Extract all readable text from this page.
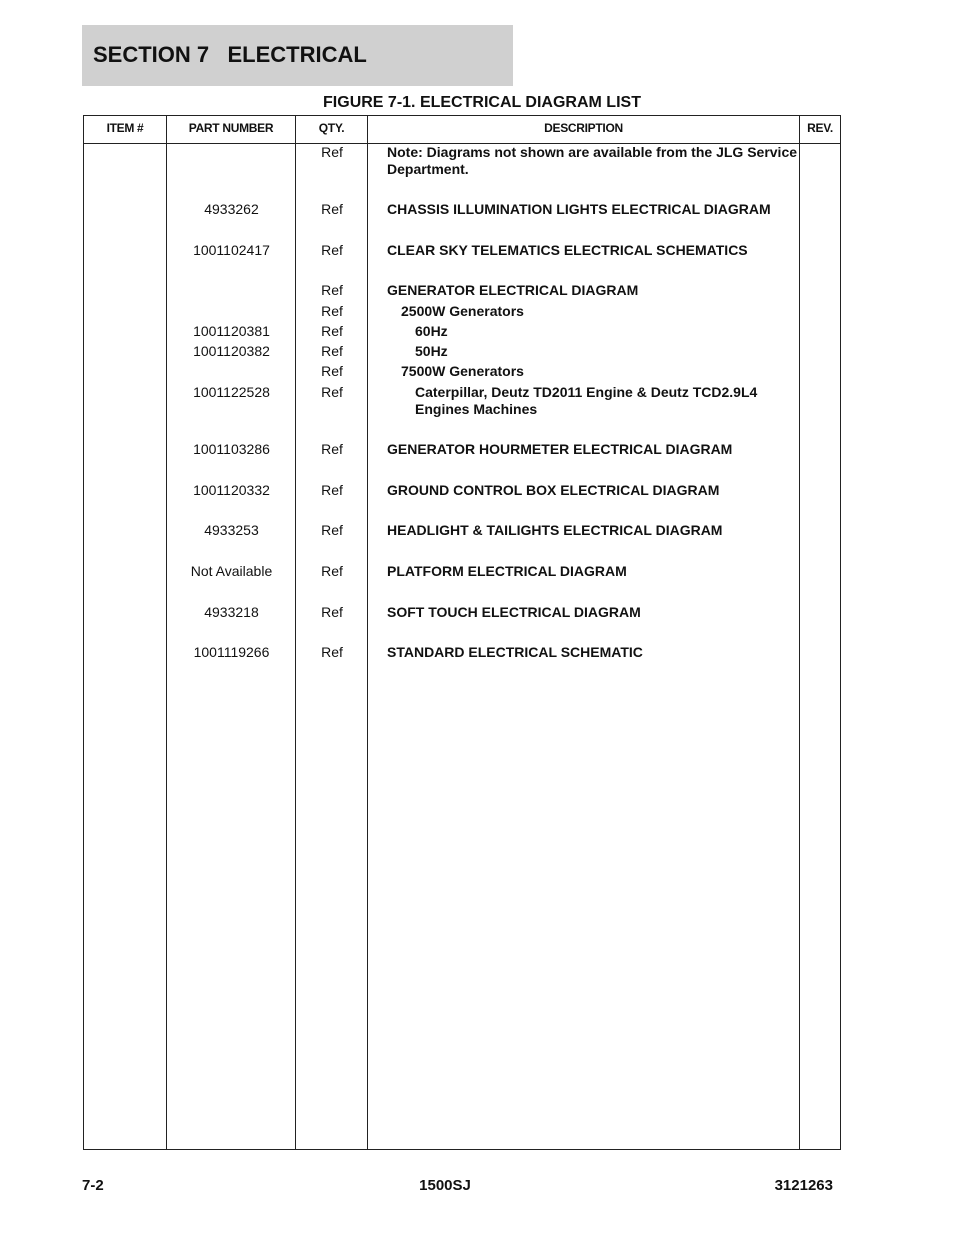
SECTION 7   ELECTRICAL
FIGURE 7-1. ELECTRICAL DIAGRAM LIST
ITEM #	PART NUMBER	QTY.	DESCRIPTION	REV.
Ref	Note: Diagrams not shown are available from the JLG Service Department.
4933262	Ref	CHASSIS ILLUMINATION LIGHTS ELECTRICAL DIAGRAM
1001102417	Ref	CLEAR SKY TELEMATICS ELECTRICAL SCHEMATICS
Ref	GENERATOR ELECTRICAL DIAGRAM
Ref	2500W Generators
1001120381	Ref	60Hz
1001120382	Ref	50Hz
Ref	7500W Generators
1001122528	Ref	Caterpillar, Deutz TD2011 Engine & Deutz TCD2.9L4 Engines Machines
1001103286	Ref	GENERATOR HOURMETER ELECTRICAL DIAGRAM
1001120332	Ref	GROUND CONTROL BOX ELECTRICAL DIAGRAM
4933253	Ref	HEADLIGHT & TAILIGHTS ELECTRICAL DIAGRAM
Not Available	Ref	PLATFORM ELECTRICAL DIAGRAM
4933218	Ref	SOFT TOUCH ELECTRICAL DIAGRAM
1001119266	Ref	STANDARD ELECTRICAL SCHEMATIC
7-2	1500SJ	3121263
